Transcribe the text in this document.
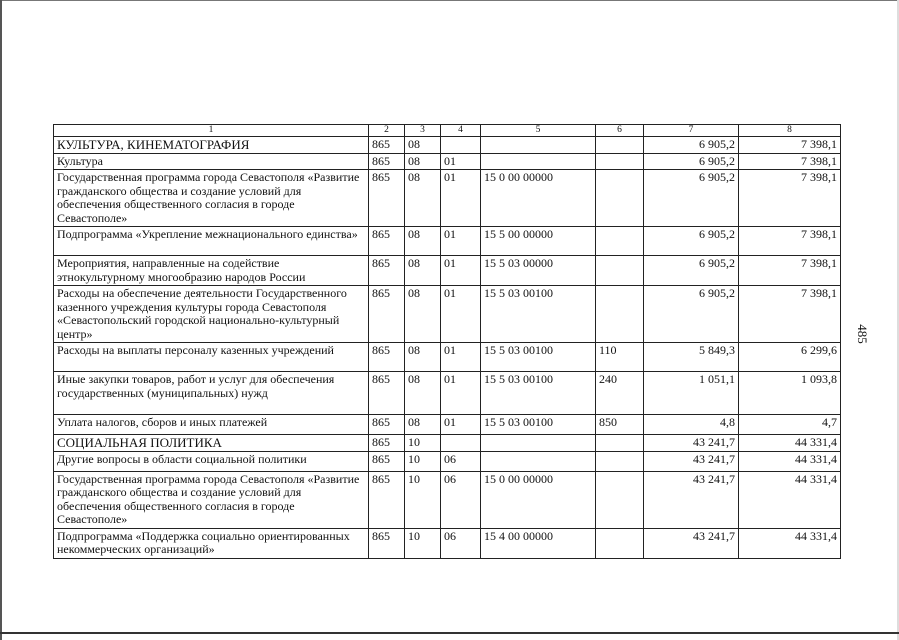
1	2	3	4	5	6	7	8
КУЛЬТУРА, КИНЕМАТОГРАФИЯ	865	08				6 905,2	7 398,1
Культура	865	08	01			6 905,2	7 398,1
Государственная программа города Севастополя «Развитие гражданского общества и создание условий для обеспечения общественного согласия в городе Севастополе»	865	08	01	15 0 00 00000		6 905,2	7 398,1
Подпрограмма «Укрепление межнационального единства»	865	08	01	15 5 00 00000		6 905,2	7 398,1
Мероприятия, направленные на содействие этнокультурному многообразию народов России	865	08	01	15 5 03 00000		6 905,2	7 398,1
Расходы на обеспечение деятельности Государственного казенного учреждения культуры города Севастополя «Севастопольский городской национально-культурный центр»	865	08	01	15 5 03 00100		6 905,2	7 398,1
Расходы на выплаты персоналу казенных учреждений	865	08	01	15 5 03 00100	110	5 849,3	6 299,6
Иные закупки товаров, работ и услуг для обеспечения государственных (муниципальных) нужд	865	08	01	15 5 03 00100	240	1 051,1	1 093,8
Уплата налогов, сборов и иных платежей	865	08	01	15 5 03 00100	850	4,8	4,7
СОЦИАЛЬНАЯ ПОЛИТИКА	865	10				43 241,7	44 331,4
Другие вопросы в области социальной политики	865	10	06			43 241,7	44 331,4
Государственная программа города Севастополя «Развитие гражданского общества и создание условий для обеспечения общественного согласия в городе Севастополе»	865	10	06	15 0 00 00000		43 241,7	44 331,4
Подпрограмма «Поддержка социально ориентированных некоммерческих организаций»	865	10	06	15 4 00 00000		43 241,7	44 331,4
485
